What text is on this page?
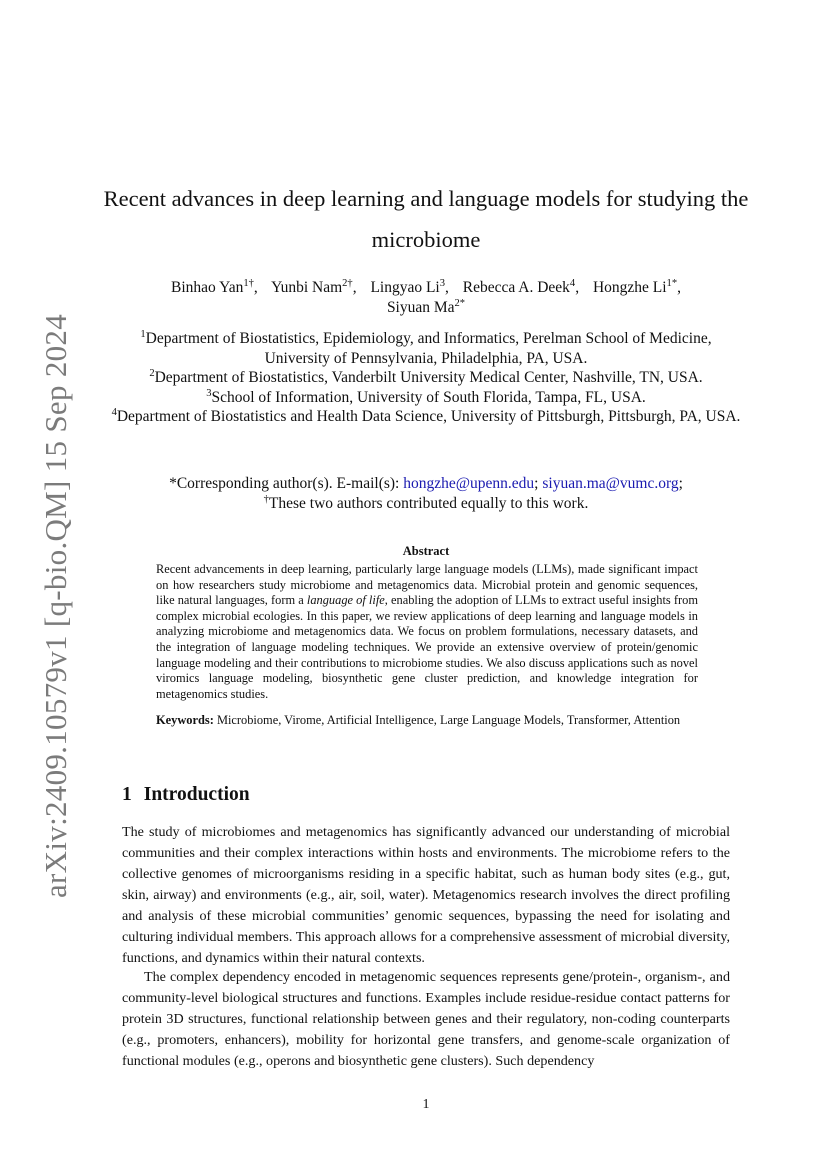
arXiv:2409.10579v1 [q-bio.QM] 15 Sep 2024
Recent advances in deep learning and language models for studying the microbiome
Binhao Yan$^{1\dagger}$, Yunbi Nam$^{2\dagger}$, Lingyao Li$^3$, Rebecca A. Deek$^4$, Hongzhe $Li^{1*}$,
Siyuan $Ma^{2*}$
$^1$Department of Biostatistics, Epidemiology, and Informatics, Perelman School of Medicine, University of Pennsylvania, Philadelphia, PA, USA.
$^2$Department of Biostatistics, Vanderbilt University Medical Center, Nashville, TN, USA.
$^3$School of Information, University of South Florida, Tampa, FL, USA.
$^4$Department of Biostatistics and Health Data Science, University of Pittsburgh, Pittsburgh, PA, USA.
*Corresponding author(s). E-mail(s): hongzhe@upenn.edu; siyuan.ma@vumc.org;
†These two authors contributed equally to this work.
Abstract
Recent advancements in deep learning, particularly large language models (LLMs), made significant impact on how researchers study microbiome and metagenomics data. Microbial protein and genomic sequences, like natural languages, form a language of life, enabling the adoption of LLMs to extract useful insights from complex microbial ecologies. In this paper, we review applications of deep learning and language models in analyzing microbiome and metagenomics data. We focus on problem formulations, necessary datasets, and the integration of language modeling techniques. We provide an extensive overview of protein/genomic language modeling and their contributions to microbiome studies. We also discuss applications such as novel viromics language modeling, biosynthetic gene cluster prediction, and knowledge integration for metagenomics studies.
Keywords: Microbiome, Virome, Artificial Intelligence, Large Language Models, Transformer, Attention
1 Introduction

The study of microbiomes and metagenomics has significantly advanced our understanding of microbial communities and their complex interactions within hosts and environments. The microbiome refers to the collective genomes of microorganisms residing in a specific habitat, such as human body sites (e.g., gut, skin, airway) and environments (e.g., air, soil, water). Metagenomics research involves the direct profiling and analysis of these microbial communities’ genomic sequences, bypassing the need for isolating and culturing individual members. This approach allows for a comprehensive assessment of microbial diversity, functions, and dynamics within their natural contexts.

The complex dependency encoded in metagenomic sequences represents gene/protein-, organism-, and community-level biological structures and functions. Examples include residue-residue contact patterns for protein 3D structures, functional relationship between genes and their regulatory, non-coding counterparts (e.g., promoters, enhancers), mobility for horizontal gene transfers, and genome-scale organization of functional modules (e.g., operons and biosynthetic gene clusters). Such dependency

1
